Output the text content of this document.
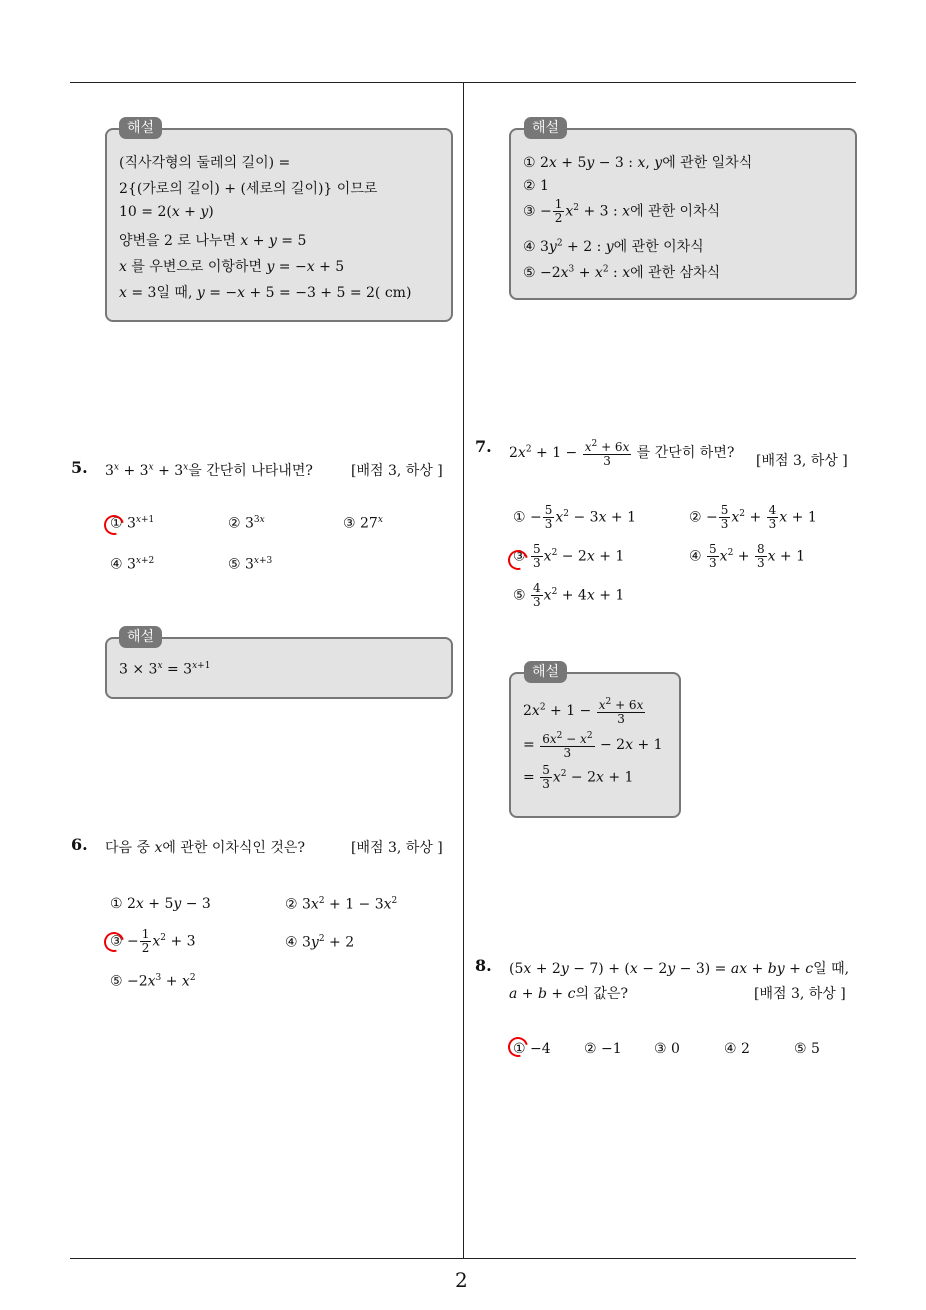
(직사각형의 둘레의 길이) =
2{(가로의 길이) + (세로의 길이)} 이므로
10 = 2(x + y)
양변을 2 로 나누면 x + y = 5
x 를 우변으로 이항하면 y = −x + 5
x = 3일 때, y = −x + 5 = −3 + 5 = 2( cm)
해설
5. $3^x + 3^x + 3^x$을 간단히 나타내면?	[배점 3, 하상 ]
① $3^{x+1}$	② $3^{3x}$	③ 27$^x$
④ $3^{x+2}$	⑤ $3^{x+3}$
$3 \times 3^x = 3^{x+1}$
해설
6. 다음 중 x에 관한 이차식인 것은?	[배점 3, 하상 ]
① 2x + 5y − 3	② $3x^2 + 1 - 3x^2$
③ − $\frac{1}{2} x^2 + 3$	④ $3y^2 + 2$
⑤ $-2x^3 + x^2$
① 2x + 5y − 3 : x, y에 관한 일차식
② 1
③ − $\frac{1}{2} x^2 + 3$ : x에 관한 이차식
④ $3y^2 + 2$ : y에 관한 이차식
⑤ $-2x^3 + x^2$ : x에 관한 삼차식
해설
7. $2x^2 + 1 - \frac{x^2 + 6x}{3}$ 를 간단히 하면? [배점 3, 하상 ]
① − $\frac{5}{3} x^2 - 3x + 1$	② − $\frac{5}{3} x^2 + \frac{4}{3}$ x + 1
③ $\frac{5}{3} x^2 - 2x + 1$	④ $\frac{5}{3} x^2 + \frac{8}{3}$ x + 1
⑤ $\frac{4}{3} x^2 + 4x + 1$
$2x^2 + 1 - \frac{x^2 + 6x}{3}$
= $\frac{6x^2 - x^2}{3} - 2x + 1$
= $\frac{5}{3} x^2 - 2x + 1$
해설
8. (5x + 2y − 7) + (x − 2y − 3) = ax + by + c일 때,
a + b + c의 값은?	[배점 3, 하상 ]
① −4 ② −1 ③ 0	④ 2	⑤ 5
2
